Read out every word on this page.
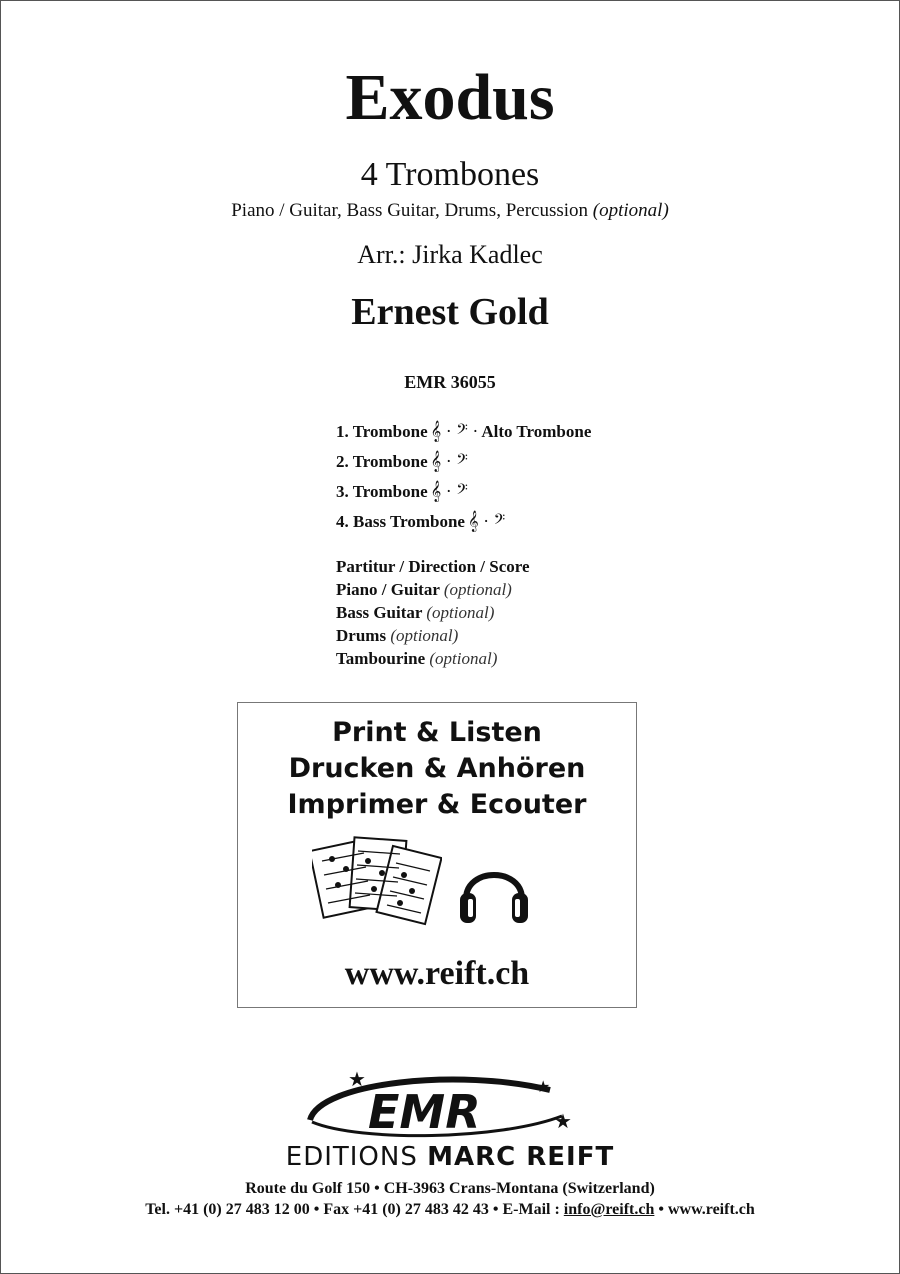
Exodus
4 Trombones
Piano / Guitar, Bass Guitar, Drums, Percussion (optional)
Arr.: Jirka Kadlec
Ernest Gold
EMR 36055
1. Trombone 𝄞 · 𝄢 · Alto Trombone
2. Trombone 𝄞 · 𝄢
3. Trombone 𝄞 · 𝄢
4. Bass Trombone 𝄞 · 𝄢
Partitur / Direction / Score
Piano / Guitar (optional)
Bass Guitar (optional)
Drums (optional)
Tambourine (optional)
Print & Listen
Drucken & Anhören
Imprimer & Ecouter
www.reift.ch
EMR
★	★
★
EDITIONS MARC REIFT
Route du Golf 150 • CH-3963 Crans-Montana (Switzerland)
Tel. +41 (0) 27 483 12 00 • Fax +41 (0) 27 483 42 43 • E-Mail : info@reift.ch • www.reift.ch
